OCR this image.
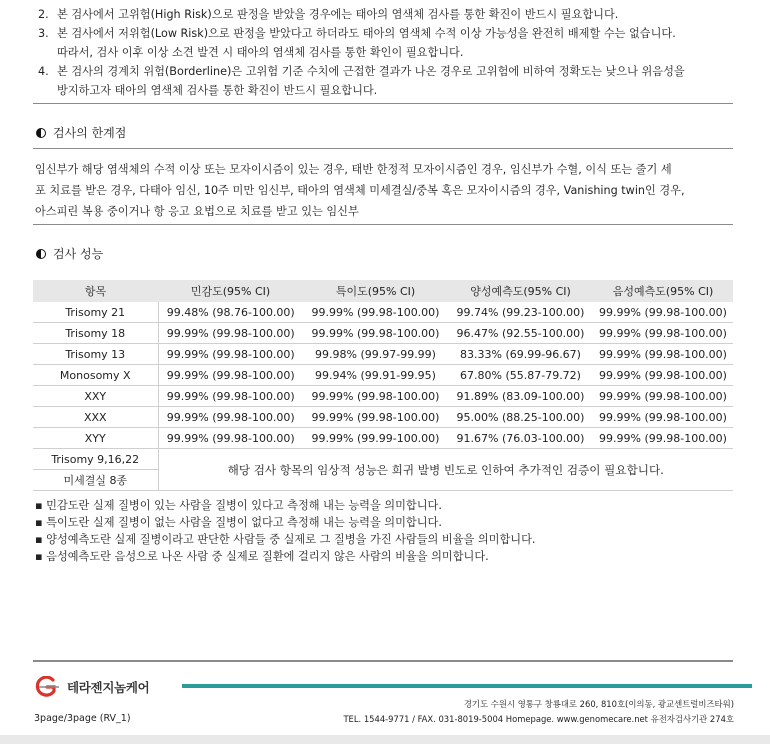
2. 본 검사에서 고위험(High Risk)으로 판정을 받았을 경우에는 태아의 염색체 검사를 통한 확진이 반드시 필요합니다.
3. 본 검사에서 저위험(Low Risk)으로 판정을 받았다고 하더라도 태아의 염색체 수적 이상 가능성을 완전히 배제할 수는 없습니다.
따라서, 검사 이후 이상 소견 발견 시 태아의 염색체 검사를 통한 확인이 필요합니다.
4. 본 검사의 경계치 위험(Borderline)은 고위험 기준 수치에 근접한 결과가 나온 경우로 고위험에 비하여 정확도는 낮으나 위음성을
방지하고자 태아의 염색체 검사를 통한 확진이 반드시 필요합니다.
검사의 한계점
임신부가 해당 염색체의 수적 이상 또는 모자이시즘이 있는 경우, 태반 한정적 모자이시즘인 경우, 임신부가 수혈, 이식 또는 줄기 세
포 치료를 받은 경우, 다태아 임신, 10주 미만 임신부, 태아의 염색체 미세결실/중복 혹은 모자이시즘의 경우, Vanishing twin인 경우,
아스피린 복용 중이거나 항 응고 요법으로 치료를 받고 있는 임신부
검사 성능
항목	민감도(95% CI)	특이도(95% CI)	양성예측도(95% CI)	음성예측도(95% CI)
Trisomy 21	99.48% (98.76-100.00)	99.99% (99.98-100.00)	99.74% (99.23-100.00)	99.99% (99.98-100.00)
Trisomy 18	99.99% (99.98-100.00)	99.99% (99.98-100.00)	96.47% (92.55-100.00)	99.99% (99.98-100.00)
Trisomy 13	99.99% (99.98-100.00)	99.98% (99.97-99.99)	83.33% (69.99-96.67)	99.99% (99.98-100.00)
Monosomy X	99.99% (99.98-100.00)	99.94% (99.91-99.95)	67.80% (55.87-79.72)	99.99% (99.98-100.00)
XXY	99.99% (99.98-100.00)	99.99% (99.98-100.00)	91.89% (83.09-100.00)	99.99% (99.98-100.00)
XXX	99.99% (99.98-100.00)	99.99% (99.98-100.00)	95.00% (88.25-100.00)	99.99% (99.98-100.00)
XYY	99.99% (99.98-100.00)	99.99% (99.99-100.00)	91.67% (76.03-100.00)	99.99% (99.98-100.00)
Trisomy 9,16,22	해당 검사 항목의 임상적 성능은 희귀 발병 빈도로 인하여 추가적인 검증이 필요합니다.			
미세결실 8종				
▪ 민감도란 실제 질병이 있는 사람을 질병이 있다고 측정해 내는 능력을 의미합니다.
▪ 특이도란 실제 질병이 없는 사람을 질병이 없다고 측정해 내는 능력을 의미합니다.
▪ 양성예측도란 실제 질병이라고 판단한 사람들 중 실제로 그 질병을 가진 사람들의 비율을 의미합니다.
▪ 음성예측도란 음성으로 나온 사람 중 실제로 질환에 걸리지 않은 사람의 비율을 의미합니다.
테라젠지놈케어
경기도 수원시 영통구 창룡대로 260, 810호(이의동, 광교센트럴비즈타워)
TEL. 1544-9771 / FAX. 031-8019-5004 Homepage. www.genomecare.net 유전자검사기관 274호
3page/3page (RV_1)
